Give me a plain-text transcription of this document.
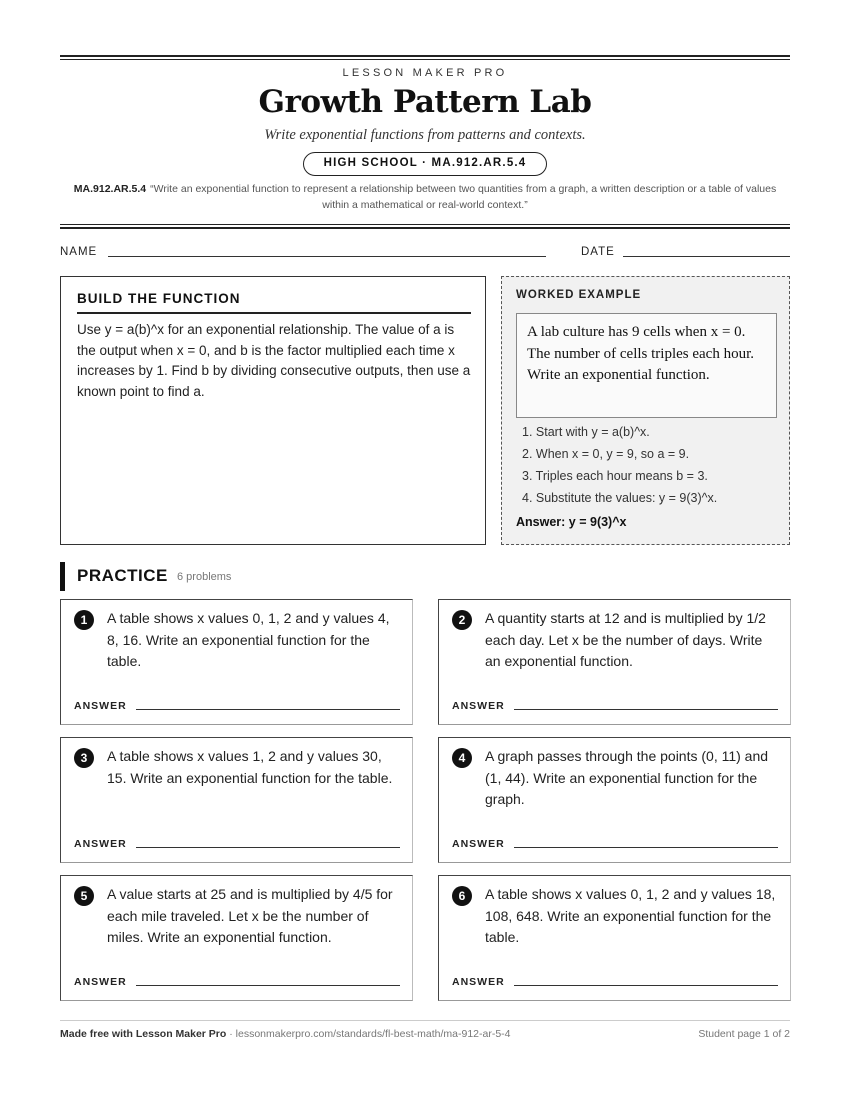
LESSON MAKER PRO
Growth Pattern Lab
Write exponential functions from patterns and contexts.
HIGH SCHOOL · MA.912.AR.5.4
MA.912.AR.5.4 “Write an exponential function to represent a relationship between two quantities from a graph, a written description or a table of values within a mathematical or real-world context.”
NAME	DATE
BUILD THE FUNCTION
Use y = a(b)^x for an exponential relationship. The value of a is the output when x = 0, and b is the factor multiplied each time x increases by 1. Find b by dividing consecutive outputs, then use a known point to find a.
WORKED EXAMPLE
A lab culture has 9 cells when x = 0. The number of cells triples each hour. Write an exponential function.
1. Start with y = a(b)^x.
2. When x = 0, y = 9, so a = 9.
3. Triples each hour means b = 3.
4. Substitute the values: y = 9(3)^x.
Answer: y = 9(3)^x
PRACTICE 6 problems
1	A table shows x values 0, 1, 2 and y values 4, 8, 16. Write an exponential function for the table.
ANSWER
2	A quantity starts at 12 and is multiplied by 1/2 each day. Let x be the number of days. Write an exponential function.
ANSWER
3	A table shows x values 1, 2 and y values 30, 15. Write an exponential function for the table.
ANSWER
4	A graph passes through the points (0, 11) and (1, 44). Write an exponential function for the graph.
ANSWER
5	A value starts at 25 and is multiplied by 4/5 for each mile traveled. Let x be the number of miles. Write an exponential function.
ANSWER
6	A table shows x values 0, 1, 2 and y values 18, 108, 648. Write an exponential function for the table.
ANSWER
Made free with Lesson Maker Pro · lessonmakerpro.com/standards/fl-best-math/ma-912-ar-5-4	Student page 1 of 2
